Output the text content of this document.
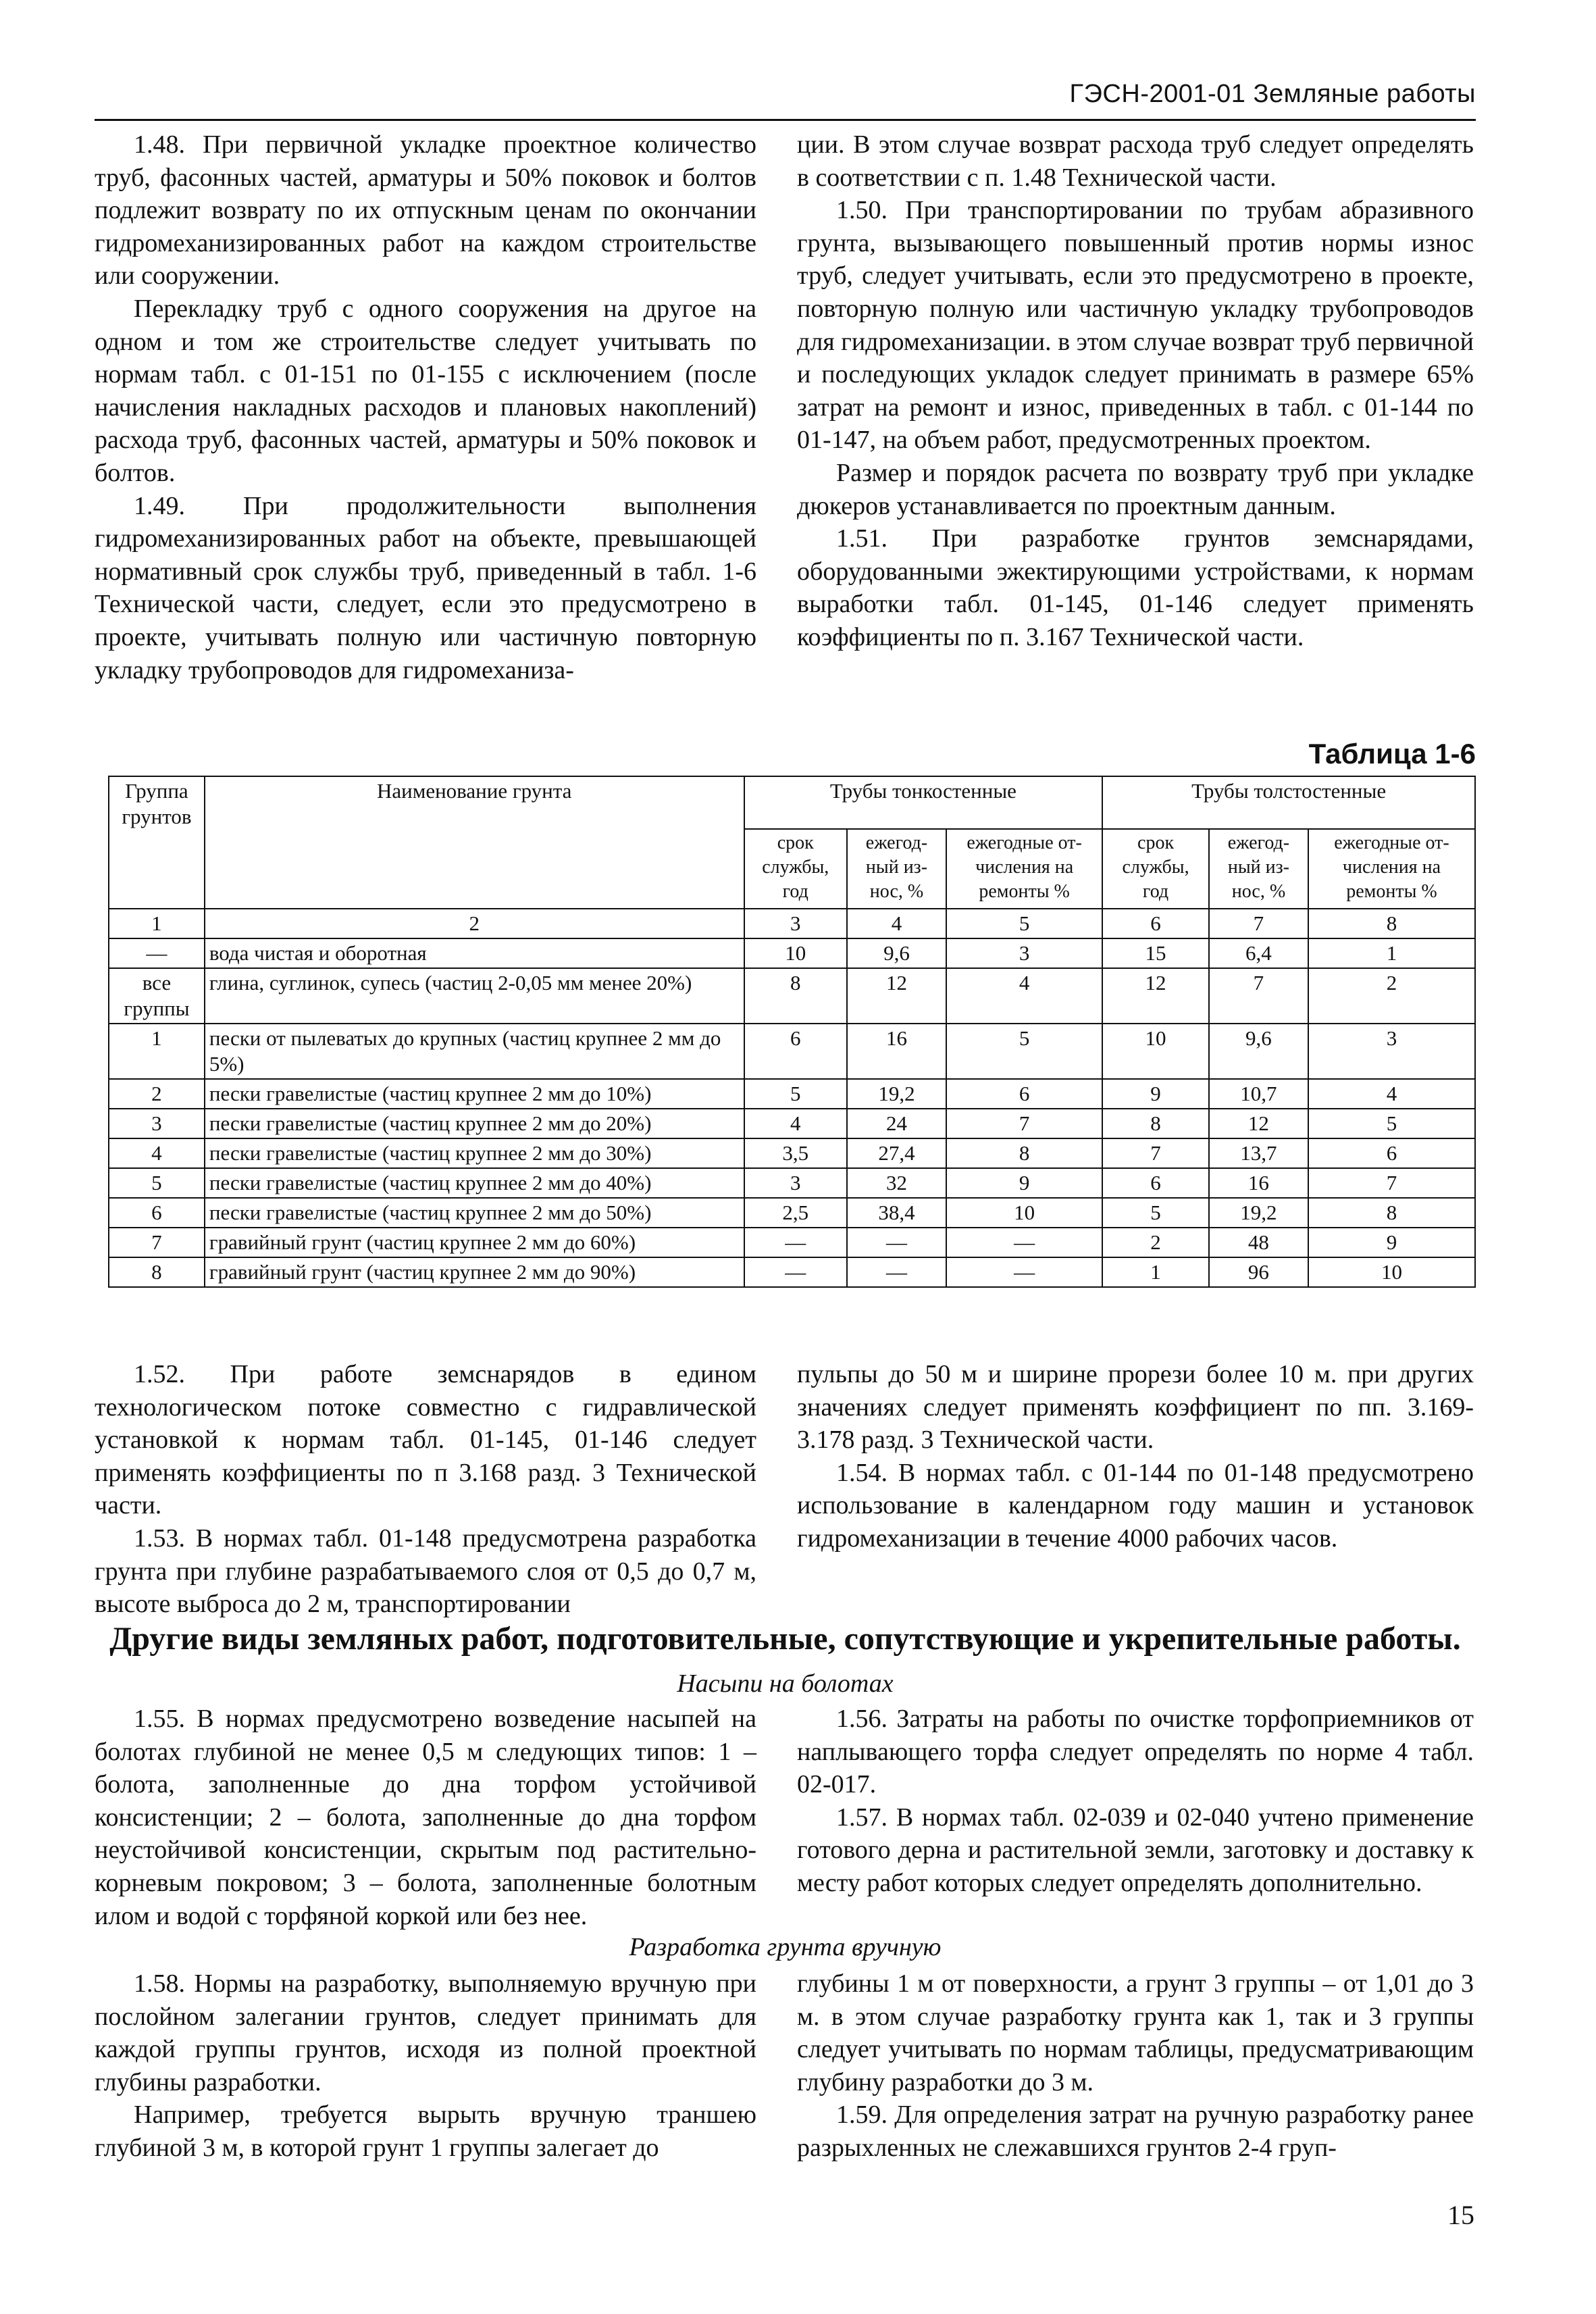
ГЭСН-2001-01 Земляные работы

1.48. При первичной укладке проектное количество труб, фасонных частей, арматуры и 50% поковок и болтов подлежит возврату по их отпускным ценам по окончании гидромеханизированных работ на каждом строительстве или сооружении.

Перекладку труб с одного сооружения на другое на одном и том же строительстве следует учитывать по нормам табл. с 01-151 по 01-155 с исключением (после начисления накладных расходов и плановых накоплений) расхода труб, фасонных частей, арматуры и 50% поковок и болтов.

1.49. При продолжительности выполнения гидромеханизированных работ на объекте, превышающей нормативный срок службы труб, приведенный в табл. 1-6 Технической части, следует, если это предусмотрено в проекте, учитывать полную или частичную повторную укладку трубопроводов для гидромеханиза-

ции. В этом случае возврат расхода труб следует определять в соответствии с п. 1.48 Технической части.

1.50. При транспортировании по трубам абразивного грунта, вызывающего повышенный против нормы износ труб, следует учитывать, если это предусмотрено в проекте, повторную полную или частичную укладку трубопроводов для гидромеханизации. в этом случае возврат труб первичной и последующих укладок следует принимать в размере 65% затрат на ремонт и износ, приведенных в табл. с 01-144 по 01-147, на объем работ, предусмотренных проектом.

Размер и порядок расчета по возврату труб при укладке дюкеров устанавливается по проектным данным.

1.51. При разработке грунтов земснарядами, оборудованными эжектирующими устройствами, к нормам выработки табл. 01-145, 01-146 следует применять коэффициенты по п. 3.167 Технической части.

Таблица 1-6
Группа грунтов	Наименование грунта	Трубы тонкостенные			Трубы толстостенные		
		срок службы, год	ежегод-ный из-нос, %	ежегодные от-числения на ремонты %	срок службы, год	ежегод-ный из-нос, %	ежегодные от-числения на ремонты %
1	2	3	4	5	6	7	8
—	вода чистая и оборотная	10	9,6	3	15	6,4	1
все группы	глина, суглинок, супесь (частиц 2-0,05 мм менее 20%)	8	12	4	12	7	2
1	пески от пылеватых до крупных (частиц крупнее 2 мм до 5%)	6	16	5	10	9,6	3
2	пески гравелистые (частиц крупнее 2 мм до 10%)	5	19,2	6	9	10,7	4
3	пески гравелистые (частиц крупнее 2 мм до 20%)	4	24	7	8	12	5
4	пески гравелистые (частиц крупнее 2 мм до 30%)	3,5	27,4	8	7	13,7	6
5	пески гравелистые (частиц крупнее 2 мм до 40%)	3	32	9	6	16	7
6	пески гравелистые (частиц крупнее 2 мм до 50%)	2,5	38,4	10	5	19,2	8
7	гравийный грунт (частиц крупнее 2 мм до 60%)	—	—	—	2	48	9
8	гравийный грунт (частиц крупнее 2 мм до 90%)	—	—	—	1	96	10

1.52. При работе земснарядов в едином технологическом потоке совместно с гидравлической установкой к нормам табл. 01-145, 01-146 следует применять коэффициенты по п 3.168 разд. 3 Технической части.

1.53. В нормах табл. 01-148 предусмотрена разработка грунта при глубине разрабатываемого слоя от 0,5 до 0,7 м, высоте выброса до 2 м, транспортировании

пульпы до 50 м и ширине прорези более 10 м. при других значениях следует применять коэффициент по пп. 3.169-3.178 разд. 3 Технической части.

1.54. В нормах табл. с 01-144 по 01-148 предусмотрено использование в календарном году машин и установок гидромеханизации в течение 4000 рабочих часов.

Другие виды земляных работ, подготовительные, сопутствующие и укрепительные работы.
Насыпи на болотах

1.55. В нормах предусмотрено возведение насыпей на болотах глубиной не менее 0,5 м следующих типов: 1 – болота, заполненные до дна торфом устойчивой консистенции; 2 – болота, заполненные до дна торфом неустойчивой консистенции, скрытым под растительно-корневым покровом; 3 – болота, заполненные болотным илом и водой с торфяной коркой или без нее.

1.56. Затраты на работы по очистке торфоприемников от наплывающего торфа следует определять по норме 4 табл. 02-017.

1.57. В нормах табл. 02-039 и 02-040 учтено применение готового дерна и растительной земли, заготовку и доставку к месту работ которых следует определять дополнительно.

Разработка грунта вручную

1.58. Нормы на разработку, выполняемую вручную при послойном залегании грунтов, следует принимать для каждой группы грунтов, исходя из полной проектной глубины разработки.

Например, требуется вырыть вручную траншею глубиной 3 м, в которой грунт 1 группы залегает до

глубины 1 м от поверхности, а грунт 3 группы – от 1,01 до 3 м. в этом случае разработку грунта как 1, так и 3 группы следует учитывать по нормам таблицы, предусматривающим глубину разработки до 3 м.

1.59. Для определения затрат на ручную разработку ранее разрыхленных не слежавшихся грунтов 2-4 груп-

15
